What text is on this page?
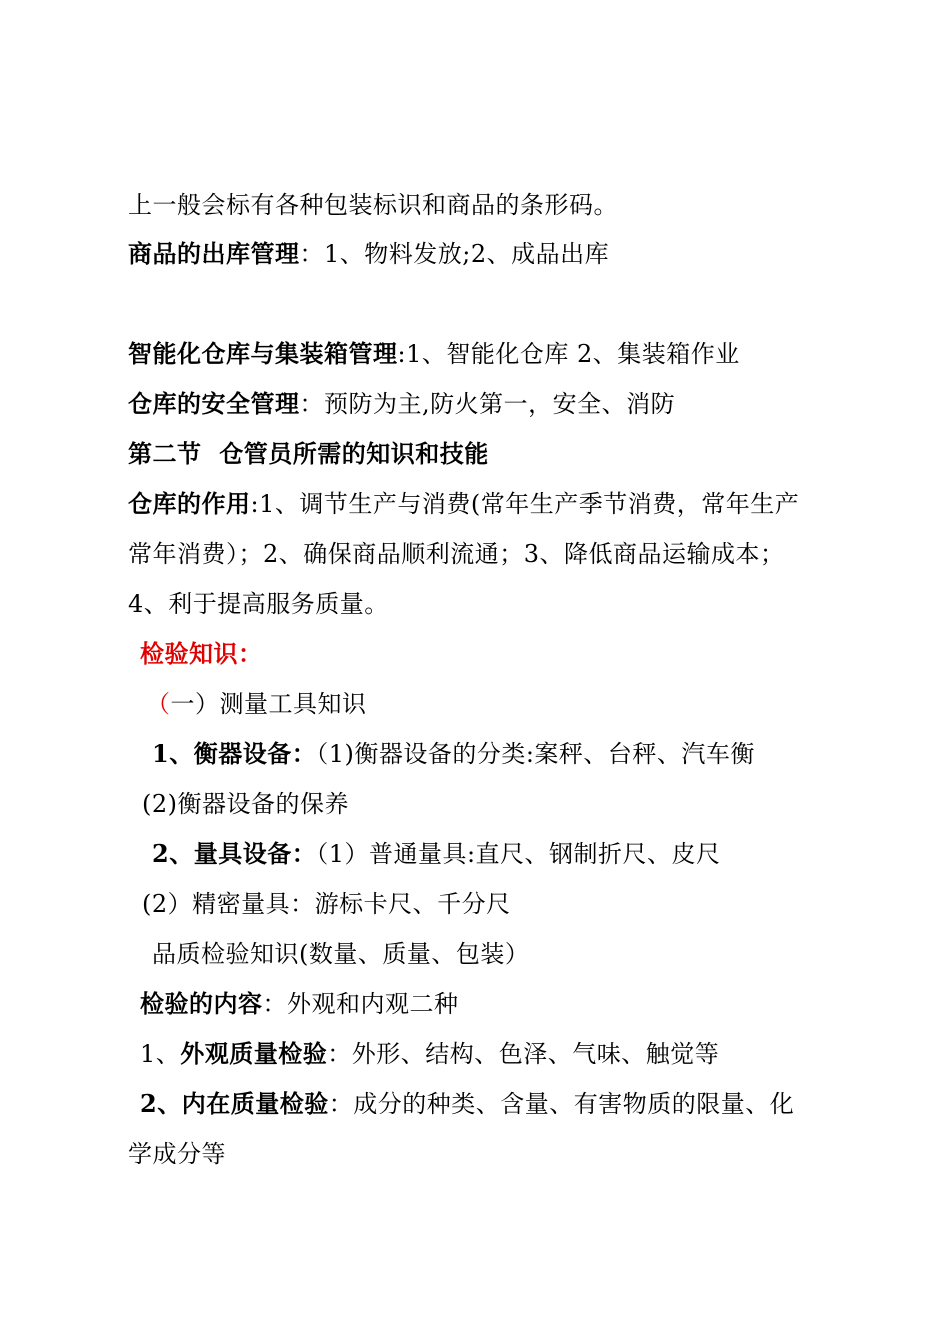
上一般会标有各种包装标识和商品的条形码。
商品的出库管理：1、物料发放;2、成品出库
智能化仓库与集装箱管理:1、智能化仓库 2、集装箱作业
仓库的安全管理：预防为主,防火第一，安全、消防
第二节  仓管员所需的知识和技能
仓库的作用:1、调节生产与消费(常年生产季节消费，常年生产
常年消费）；2、确保商品顺利流通；3、降低商品运输成本；
4、利于提高服务质量。
检验知识：
（一）测量工具知识
1、衡器设备：（1)衡器设备的分类:案秤、台秤、汽车衡
(2)衡器设备的保养
2、量具设备：（1）普通量具:直尺、钢制折尺、皮尺
(2）精密量具：游标卡尺、千分尺
品质检验知识(数量、质量、包装）
检验的内容：外观和内观二种
1、外观质量检验：外形、结构、色泽、气味、触觉等
2、内在质量检验：成分的种类、含量、有害物质的限量、化
学成分等
